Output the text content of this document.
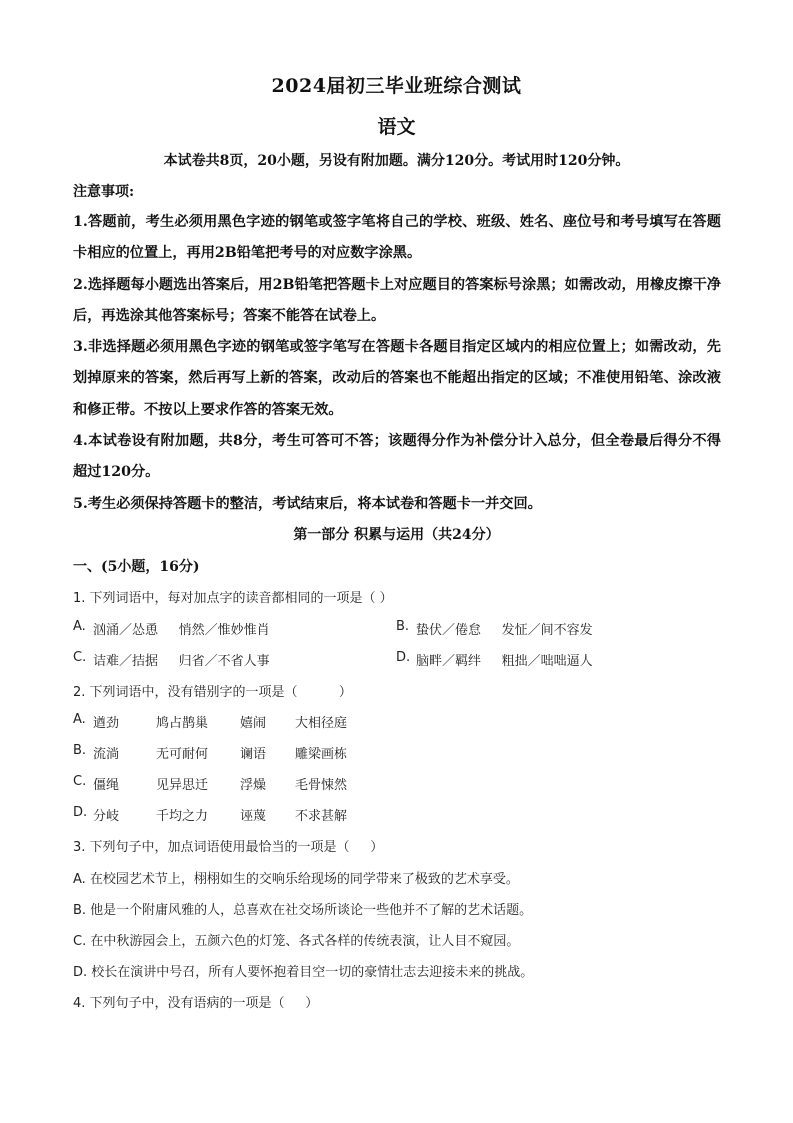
2024届初三毕业班综合测试
语文
本试卷共8页，20小题，另设有附加题。满分120分。考试用时120分钟。
注意事项:

1.答题前，考生必须用黑色字迹的钢笔或签字笔将自己的学校、班级、姓名、座位号和考号填写在答题卡相应的位置上，再用2B铅笔把考号的对应数字涂黑。

2.选择题每小题选出答案后，用2B铅笔把答题卡上对应题目的答案标号涂黑；如需改动，用橡皮擦干净后，再选涂其他答案标号；答案不能答在试卷上。

3.非选择题必须用黑色字迹的钢笔或签字笔写在答题卡各题目指定区域内的相应位置上；如需改动，先划掉原来的答案，然后再写上新的答案，改动后的答案也不能超出指定的区域；不准使用铅笔、涂改液和修正带。不按以上要求作答的答案无效。

4.本试卷设有附加题，共8分，考生可答可不答；该题得分作为补偿分计入总分，但全卷最后得分不得超过120分。

5.考生必须保持答题卡的整洁，考试结束后，将本试卷和答题卡一并交回。

第一部分 积累与运用（共24分）
一、(5小题，16分)
1. 下列词语中，每对加点字的读音都相同的一项是（ ）
A. 汹涌／怂恿     悄然／惟妙惟肖	B. 蛰伏／倦怠     发怔／间不容发
C. 诘难／拮据     归省／不省人事	D. 脑畔／羁绊     粗拙／咄咄逼人
2. 下列词语中，没有错别字的一项是（          ）
A. 遒劲	鸠占鹊巢 嬉闹 大相径庭
B. 流淌	无可耐何 谰语 雕梁画栋
C. 僵绳	见异思迁 浮燥 毛骨悚然
D. 分岐	千均之力 诬蔑 不求甚解
3. 下列句子中，加点词语使用最恰当的一项是（     ）
A. 在校园艺术节上，栩栩如生的交响乐给现场的同学带来了极致的艺术享受。
B. 他是一个附庸风雅的人，总喜欢在社交场所谈论一些他并不了解的艺术话题。
C. 在中秋游园会上，五颜六色的灯笼、各式各样的传统表演，让人目不窥园。
D. 校长在演讲中号召，所有人要怀抱着目空一切的豪情壮志去迎接未来的挑战。
4. 下列句子中，没有语病的一项是（     ）
